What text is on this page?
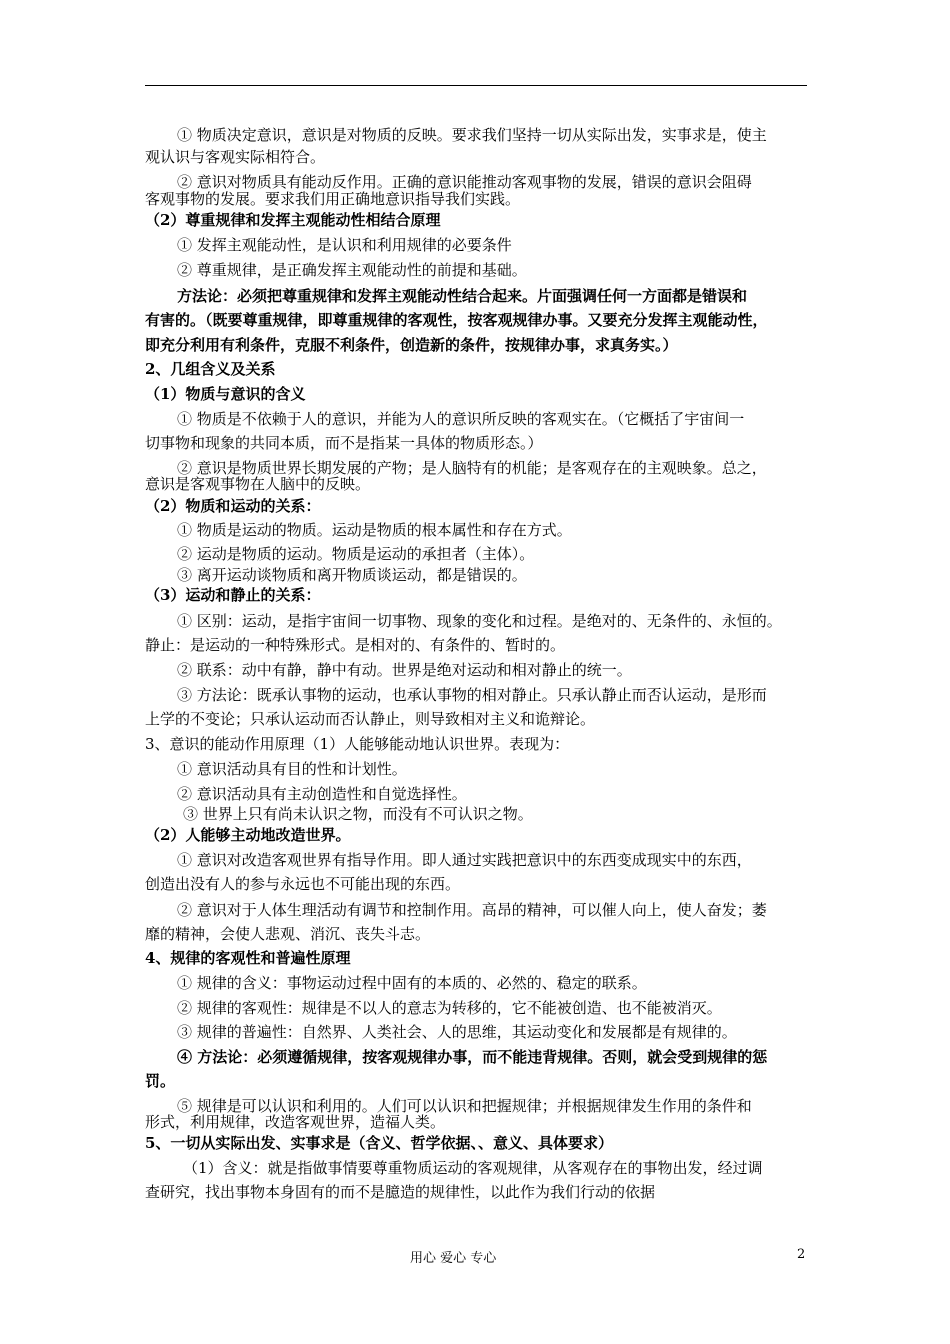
① 物质决定意识，意识是对物质的反映。要求我们坚持一切从实际出发，实事求是，使主
观认识与客观实际相符合。
② 意识对物质具有能动反作用。正确的意识能推动客观事物的发展，错误的意识会阻碍
客观事物的发展。要求我们用正确地意识指导我们实践。
（2）尊重规律和发挥主观能动性相结合原理
① 发挥主观能动性，是认识和利用规律的必要条件
② 尊重规律，是正确发挥主观能动性的前提和基础。
方法论：必须把尊重规律和发挥主观能动性结合起来。片面强调任何一方面都是错误和
有害的。（既要尊重规律，即尊重规律的客观性，按客观规律办事。又要充分发挥主观能动性，
即充分利用有利条件，克服不利条件，创造新的条件，按规律办事，求真务实。）
2、几组含义及关系
（1）物质与意识的含义
① 物质是不依赖于人的意识，并能为人的意识所反映的客观实在。（它概括了宇宙间一
切事物和现象的共同本质，而不是指某一具体的物质形态。）
② 意识是物质世界长期发展的产物；是人脑特有的机能；是客观存在的主观映象。总之，
意识是客观事物在人脑中的反映。
（2）物质和运动的关系：
① 物质是运动的物质。运动是物质的根本属性和存在方式。
② 运动是物质的运动。物质是运动的承担者（主体）。
③ 离开运动谈物质和离开物质谈运动，都是错误的。
（3）运动和静止的关系：
① 区别：运动，是指宇宙间一切事物、现象的变化和过程。是绝对的、无条件的、永恒的。
静止：是运动的一种特殊形式。是相对的、有条件的、暂时的。
② 联系：动中有静，静中有动。世界是绝对运动和相对静止的统一。
③ 方法论：既承认事物的运动，也承认事物的相对静止。只承认静止而否认运动，是形而
上学的不变论；只承认运动而否认静止，则导致相对主义和诡辩论。
3、意识的能动作用原理（1）人能够能动地认识世界。表现为：
① 意识活动具有目的性和计划性。
② 意识活动具有主动创造性和自觉选择性。
③ 世界上只有尚未认识之物，而没有不可认识之物。
（2）人能够主动地改造世界。
① 意识对改造客观世界有指导作用。即人通过实践把意识中的东西变成现实中的东西，
创造出没有人的参与永远也不可能出现的东西。
② 意识对于人体生理活动有调节和控制作用。高昂的精神，可以催人向上，使人奋发；萎
靡的精神，会使人悲观、消沉、丧失斗志。
4、规律的客观性和普遍性原理
① 规律的含义：事物运动过程中固有的本质的、必然的、稳定的联系。
② 规律的客观性：规律是不以人的意志为转移的，它不能被创造、也不能被消灭。
③ 规律的普遍性：自然界、人类社会、人的思维，其运动变化和发展都是有规律的。
④ 方法论：必须遵循规律，按客观规律办事，而不能违背规律。否则，就会受到规律的惩
罚。
⑤ 规律是可以认识和利用的。人们可以认识和把握规律；并根据规律发生作用的条件和
形式，利用规律，改造客观世界，造福人类。
5、一切从实际出发、实事求是（含义、哲学依据、、意义、具体要求）
（1）含义：就是指做事情要尊重物质运动的客观规律，从客观存在的事物出发，经过调
查研究，找出事物本身固有的而不是臆造的规律性，以此作为我们行动的依据
用心 爱心 专心	2
